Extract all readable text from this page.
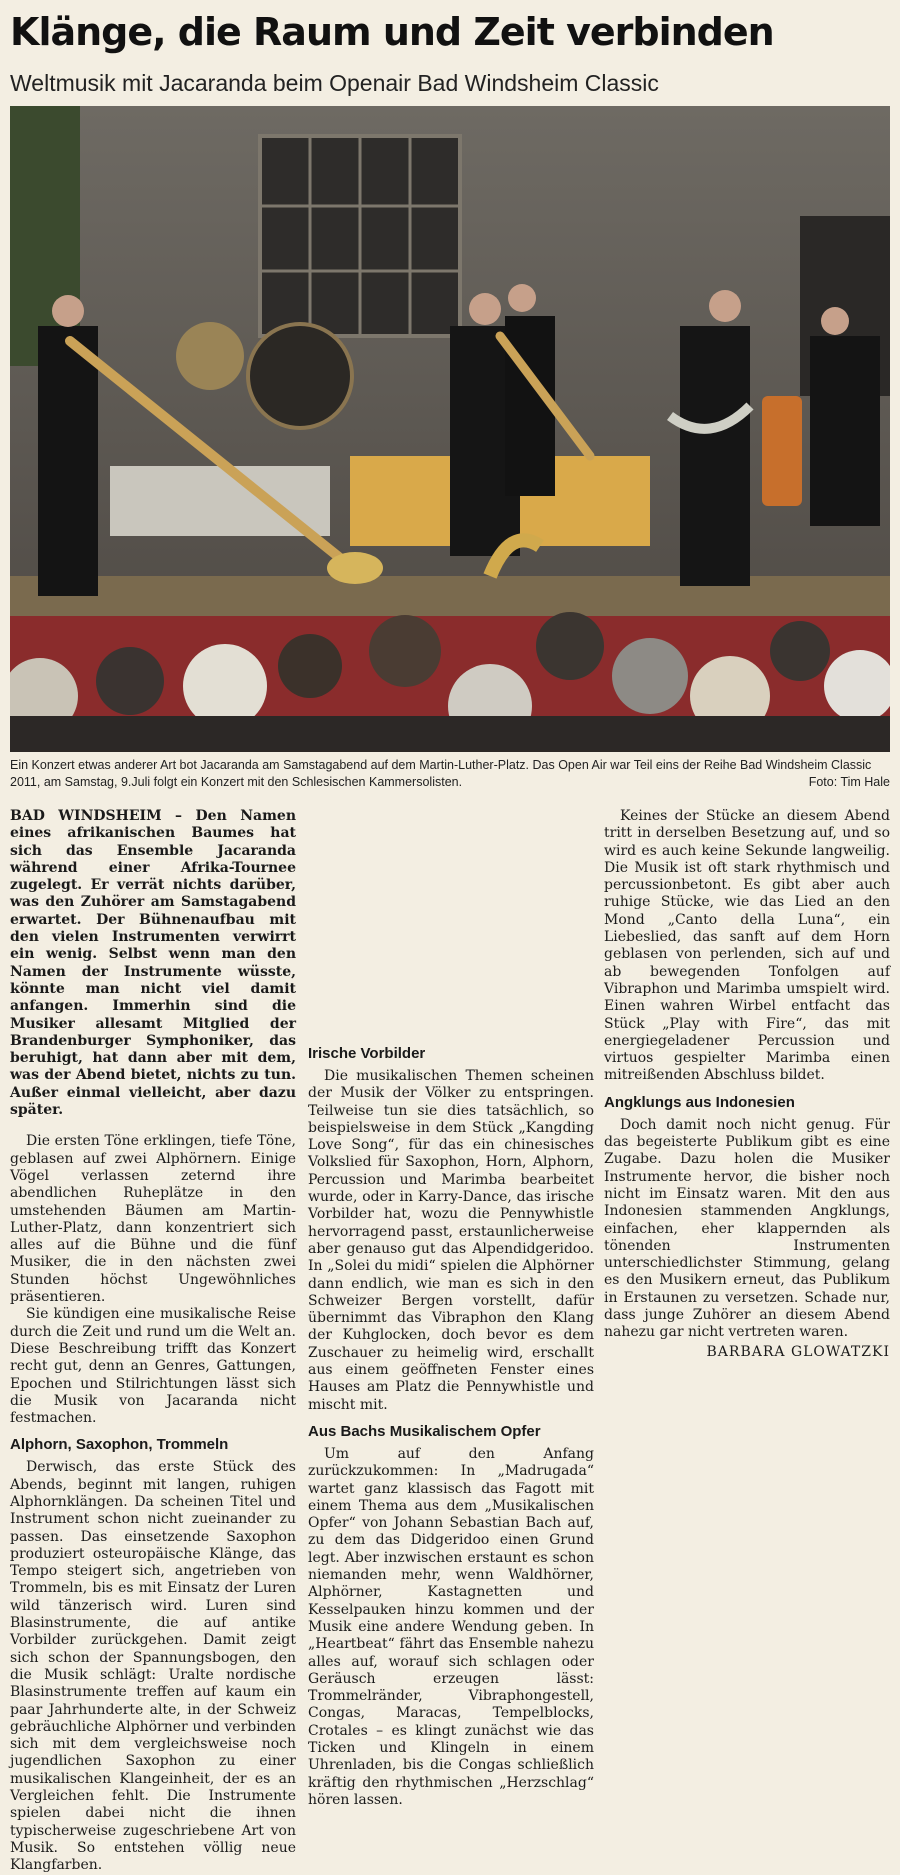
Klänge, die Raum und Zeit verbinden
Weltmusik mit Jacaranda beim Openair Bad Windsheim Classic
Ein Konzert etwas anderer Art bot Jacaranda am Samstagabend auf dem Martin-Luther-Platz. Das Open Air war Teil eins der Reihe Bad Windsheim Classic 2011, am Samstag, 9.Juli folgt ein Konzert mit den Schlesischen Kammersolisten.	Foto: Tim Hale

BAD WINDSHEIM – Den Namen eines afrikanischen Baumes hat sich das Ensemble Jacaranda während einer Afrika-Tournee zugelegt. Er verrät nichts darüber, was den Zuhörer am Samstagabend erwartet. Der Bühnenaufbau mit den vielen Instrumenten verwirrt ein wenig. Selbst wenn man den Namen der Instrumente wüsste, könnte man nicht viel damit anfangen. Immerhin sind die Musiker allesamt Mitglied der Brandenburger Symphoniker, das beruhigt, hat dann aber mit dem, was der Abend bietet, nichts zu tun. Außer einmal vielleicht, aber dazu später.

Die ersten Töne erklingen, tiefe Töne, geblasen auf zwei Alphörnern. Einige Vögel verlassen zeternd ihre abendlichen Ruheplätze in den umstehenden Bäumen am Martin-Luther-Platz, dann konzentriert sich alles auf die Bühne und die fünf Musiker, die in den nächsten zwei Stunden höchst Ungewöhnliches präsentieren.

Sie kündigen eine musikalische Reise durch die Zeit und rund um die Welt an. Diese Beschreibung trifft das Konzert recht gut, denn an Genres, Gattungen, Epochen und Stilrichtungen lässt sich die Musik von Jacaranda nicht festmachen.

Alphorn, Saxophon, Trommeln

Derwisch, das erste Stück des Abends, beginnt mit langen, ruhigen Alphornklängen. Da scheinen Titel und Instrument schon nicht zueinander zu passen. Das einsetzende Saxophon produziert osteuropäische Klänge, das Tempo steigert sich, angetrieben von Trommeln, bis es mit Einsatz der Luren wild tänzerisch wird. Luren sind Blasinstrumente, die auf antike Vorbilder zurückgehen. Damit zeigt sich schon der Spannungsbogen, den die Musik schlägt: Uralte nordische Blasinstrumente treffen auf kaum ein paar Jahrhunderte alte, in der Schweiz gebräuchliche Alphörner und verbinden sich mit dem vergleichsweise noch jugendlichen Saxophon zu einer musikalischen Klangeinheit, der es an Vergleichen fehlt. Die Instrumente spielen dabei nicht die ihnen typischerweise zugeschriebene Art von Musik. So entstehen völlig neue Klangfarben.

Irische Vorbilder

Die musikalischen Themen scheinen der Musik der Völker zu entspringen. Teilweise tun sie dies tatsächlich, so beispielsweise in dem Stück „Kangding Love Song“, für das ein chinesisches Volkslied für Saxophon, Horn, Alphorn, Percussion und Marimba bearbeitet wurde, oder in Karry-Dance, das irische Vorbilder hat, wozu die Pennywhistle hervorragend passt, erstaunlicherweise aber genauso gut das Alpendidgeridoo. In „Solei du midi“ spielen die Alphörner dann endlich, wie man es sich in den Schweizer Bergen vorstellt, dafür übernimmt das Vibraphon den Klang der Kuhglocken, doch bevor es dem Zuschauer zu heimelig wird, erschallt aus einem geöffneten Fenster eines Hauses am Platz die Pennywhistle und mischt mit.

Aus Bachs Musikalischem Opfer

Um auf den Anfang zurückzukommen: In „Madrugada“ wartet ganz klassisch das Fagott mit einem Thema aus dem „Musikalischen Opfer“ von Johann Sebastian Bach auf, zu dem das Didgeridoo einen Grund legt. Aber inzwischen erstaunt es schon niemanden mehr, wenn Waldhörner, Alphörner, Kastagnetten und Kesselpauken hinzu kommen und der Musik eine andere Wendung geben. In „Heartbeat“ fährt das Ensemble nahezu alles auf, worauf sich schlagen oder Geräusch erzeugen lässt: Trommelränder, Vibraphongestell, Congas, Maracas, Tempelblocks, Crotales – es klingt zunächst wie das Ticken und Klingeln in einem Uhrenladen, bis die Congas schließlich kräftig den rhythmischen „Herzschlag“ hören lassen.

Keines der Stücke an diesem Abend tritt in derselben Besetzung auf, und so wird es auch keine Sekunde langweilig. Die Musik ist oft stark rhythmisch und percussionbetont. Es gibt aber auch ruhige Stücke, wie das Lied an den Mond „Canto della Luna“, ein Liebeslied, das sanft auf dem Horn geblasen von perlenden, sich auf und ab bewegenden Tonfolgen auf Vibraphon und Marimba umspielt wird. Einen wahren Wirbel entfacht das Stück „Play with Fire“, das mit energiegeladener Percussion und virtuos gespielter Marimba einen mitreißenden Abschluss bildet.

Angklungs aus Indonesien

Doch damit noch nicht genug. Für das begeisterte Publikum gibt es eine Zugabe. Dazu holen die Musiker Instrumente hervor, die bisher noch nicht im Einsatz waren. Mit den aus Indonesien stammenden Angklungs, einfachen, eher klappernden als tönenden Instrumenten unterschiedlichster Stimmung, gelang es den Musikern erneut, das Publikum in Erstaunen zu versetzen. Schade nur, dass junge Zuhörer an diesem Abend nahezu gar nicht vertreten waren.

BARBARA GLOWATZKI
